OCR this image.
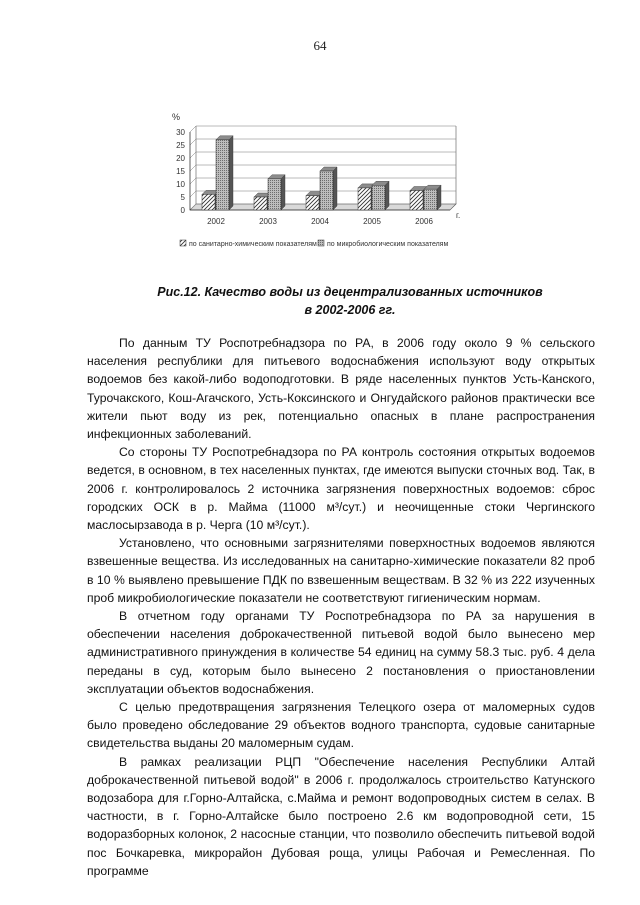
64
0
5
10
15
20
25
30
%
2002	2003	2004	2005	2006
г.
по санитарно-химическим показателям по микробиологическим показателям
Рис.12. Качество воды из децентрализованных источников
в 2002-2006 гг.

По данным ТУ Роспотребнадзора по РА, в 2006 году около 9 % сельского населения республики для питьевого водоснабжения используют воду открытых водоемов без какой-либо водоподготовки. В ряде населенных пунктов Усть-Канского, Турочакского, Кош-Агачского, Усть-Коксинского и Онгудайского районов практически все жители пьют воду из рек, потенциально опасных в плане распространения инфекционных заболеваний.

Со стороны ТУ Роспотребнадзора по РА контроль состояния открытых водоемов ведется, в основном, в тех населенных пунктах, где имеются выпуски сточных вод. Так, в 2006 г. контролировалось 2 источника загрязнения поверхностных водоемов: сброс городских ОСК в р. Майма (11000 м³/сут.) и неочищенные стоки Чергинского маслосырзавода в р. Черга (10 м³/сут.).

Установлено, что основными загрязнителями поверхностных водоемов являются взвешенные вещества. Из исследованных на санитарно-химические показатели 82 проб в 10 % выявлено превышение ПДК по взвешенным веществам. В 32 % из 222 изученных проб микробиологические показатели не соответствуют гигиеническим нормам.

В отчетном году органами ТУ Роспотребнадзора по РА за нарушения в обеспечении населения доброкачественной питьевой водой было вынесено мер административного принуждения в количестве 54 единиц на сумму 58.3 тыс. руб. 4 дела переданы в суд, которым было вынесено 2 постановления о приостановлении эксплуатации объектов водоснабжения.

С целью предотвращения загрязнения Телецкого озера от маломерных судов было проведено обследование 29 объектов водного транспорта, судовые санитарные свидетельства выданы 20 маломерным судам.

В рамках реализации РЦП "Обеспечение населения Республики Алтай доброкачественной питьевой водой" в 2006 г. продолжалось строительство Катунского водозабора для г.Горно-Алтайска, с.Майма и ремонт водопроводных систем в селах. В частности, в г. Горно-Алтайске было построено 2.6 км водопроводной сети, 15 водоразборных колонок, 2 насосные станции, что позволило обеспечить питьевой водой пос Бочкаревка, микрорайон Дубовая роща, улицы Рабочая и Ремесленная. По программе
